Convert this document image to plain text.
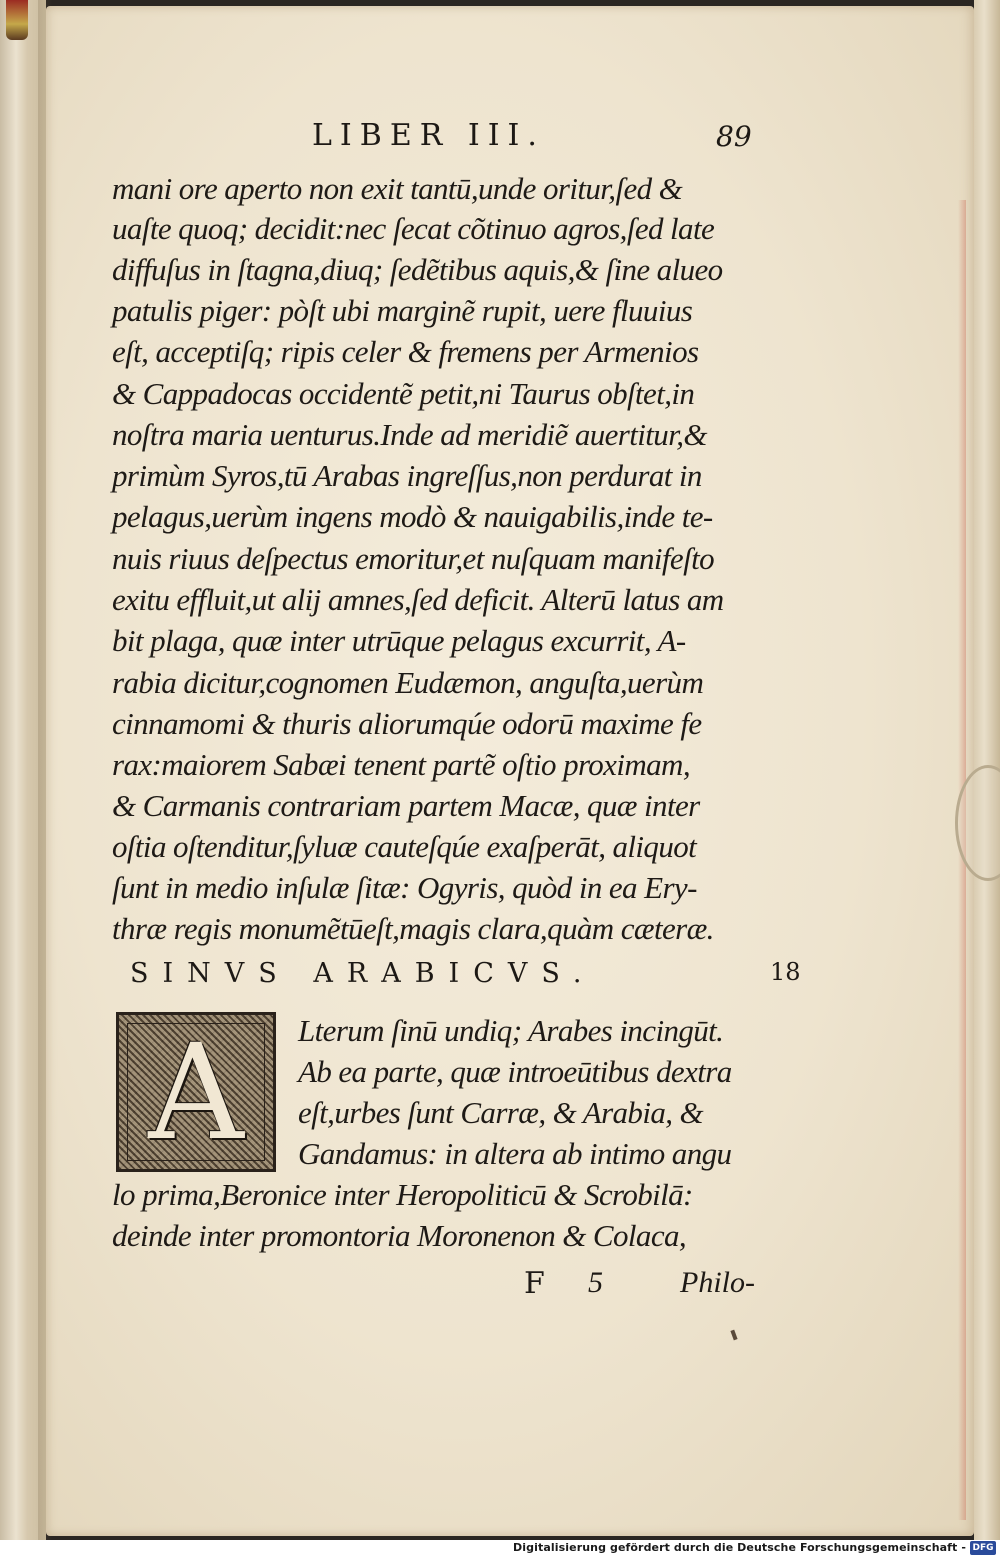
LIBER III.	89
mani ore aperto non exit tantū,unde oritur,ſed &
uaſte quoq; decidit:nec ſecat cõtinuo agros,ſed late
diffuſus in ſtagna,diuq; ſedẽtibus aquis,& ſine alueo
patulis piger: pòſt ubi marginẽ rupit, uere fluuius
eſt, acceptiſq; ripis celer & fremens per Armenios
& Cappadocas occidentẽ petit,ni Taurus obſtet,in
noſtra maria uenturus.Inde ad meridiẽ auertitur,&
primùm Syros,tū Arabas ingreſſus,non perdurat in
pelagus,uerùm ingens modò & nauigabilis,inde te-
nuis riuus deſpectus emoritur,et nuſquam manifeſto
exitu effluit,ut alij amnes,ſed deficit. Alterū latus am
bit plaga, quæ inter utrūque pelagus excurrit, A-
rabia dicitur,cognomen Eudæmon, anguſta,uerùm
cinnamomi & thuris aliorumqúe odorū maxime fe
rax:maiorem Sabæi tenent partẽ oſtio proximam,
& Carmanis contrariam partem Macæ, quæ inter
oſtia oſtenditur,ſyluæ cauteſqúe exaſperāt, aliquot
ſunt in medio inſulæ ſitæ: Ogyris, quòd in ea Ery-
thræ regis monumẽtūeſt,magis clara,quàm cæteræ.
SINVS ARABICVS.	18
A	Lterum ſinū undiq; Arabes incingūt.
Ab ea parte, quæ introeūtibus dextra
eſt,urbes ſunt Carræ, & Arabia, &
Gandamus: in altera ab intimo angu
lo prima,Beronice inter Heropoliticū & Scrobilā:
deinde inter promontoria Moronenon & Colaca,
F 5	Philo-
Digitalisierung gefördert durch die Deutsche Forschungsgemeinschaft - DFG
